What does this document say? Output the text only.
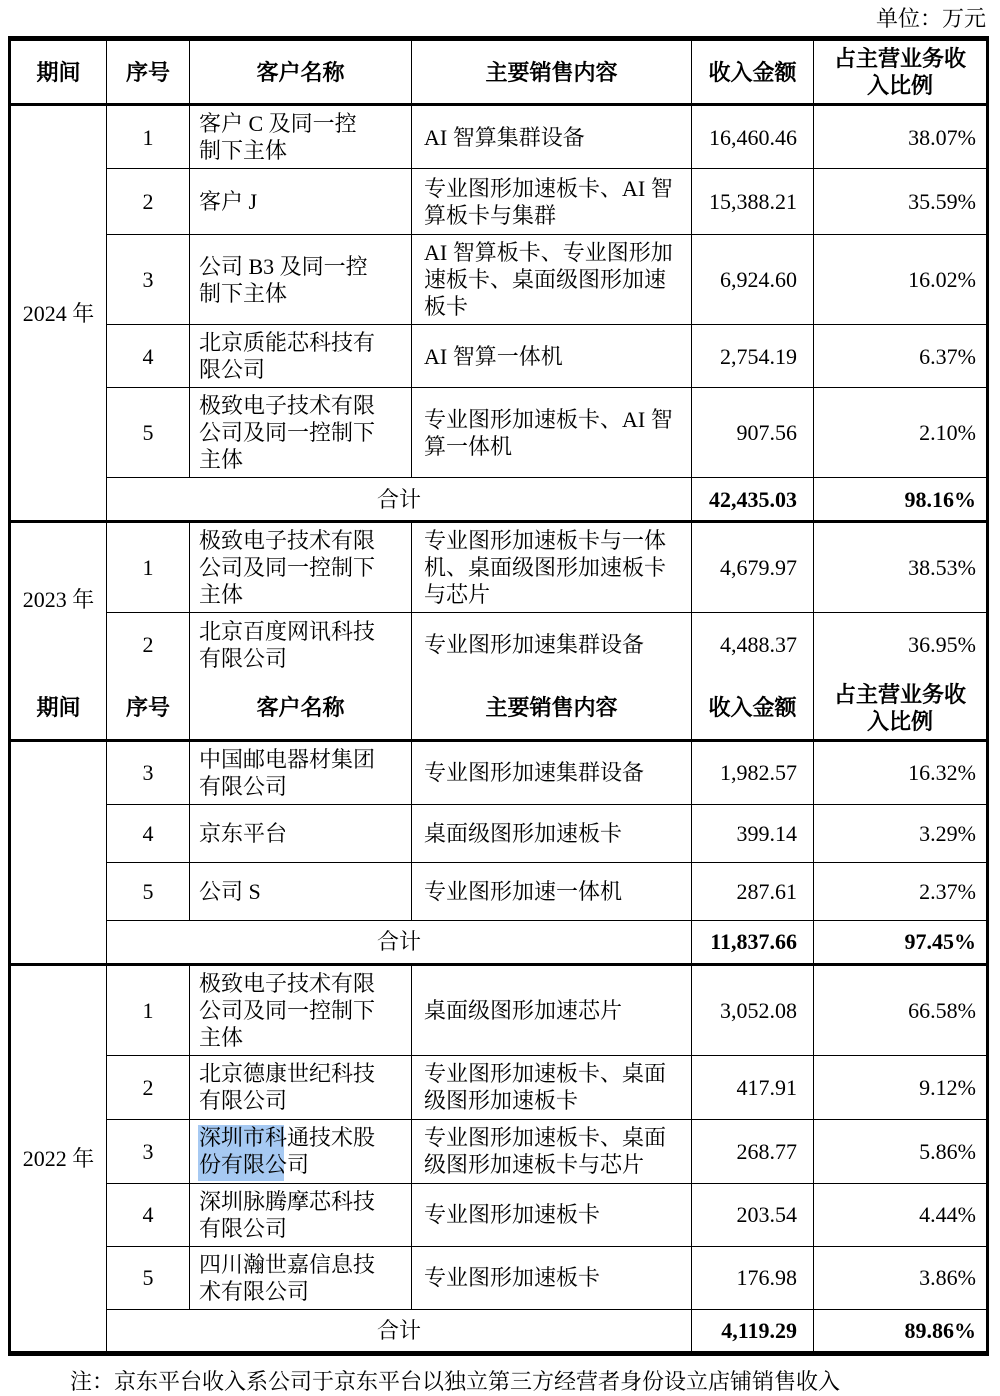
单位：万元
期间	序号	客户名称	主要销售内容	收入金额	占主营业务收入比例
2024 年	1	客户 C 及同一控制下主体	AI 智算集群设备	16,460.46	38.07%
	2	客户 J	专业图形加速板卡、AI 智算板卡与集群	15,388.21	35.59%
	3	公司 B3 及同一控制下主体	AI 智算板卡、专业图形加速板卡、桌面级图形加速板卡	6,924.60	16.02%
	4	北京质能芯科技有限公司	AI 智算一体机	2,754.19	6.37%
	5	极致电子技术有限公司及同一控制下主体	专业图形加速板卡、AI 智算一体机	907.56	2.10%
	合计			42,435.03	98.16%
2023 年	1	极致电子技术有限公司及同一控制下主体	专业图形加速板卡与一体机、桌面级图形加速板卡与芯片	4,679.97	38.53%
	2	北京百度网讯科技有限公司	专业图形加速集群设备	4,488.37	36.95%
期间	序号	客户名称	主要销售内容	收入金额	占主营业务收入比例
	3	中国邮电器材集团有限公司	专业图形加速集群设备	1,982.57	16.32%
	4	京东平台	桌面级图形加速板卡	399.14	3.29%
	5	公司 S	专业图形加速一体机	287.61	2.37%
	合计			11,837.66	97.45%
2022 年	1	极致电子技术有限公司及同一控制下主体	桌面级图形加速芯片	3,052.08	66.58%
	2	北京德康世纪科技有限公司	专业图形加速板卡、桌面级图形加速板卡	417.91	9.12%
	3	深圳市科通技术股份有限公司	专业图形加速板卡、桌面级图形加速板卡与芯片	268.77	5.86%
	4	深圳脉腾摩芯科技有限公司	专业图形加速板卡	203.54	4.44%
	5	四川瀚世嘉信息技术有限公司	专业图形加速板卡	176.98	3.86%
	合计			4,119.29	89.86%
注：京东平台收入系公司于京东平台以独立第三方经营者身份设立店铺销售收入
